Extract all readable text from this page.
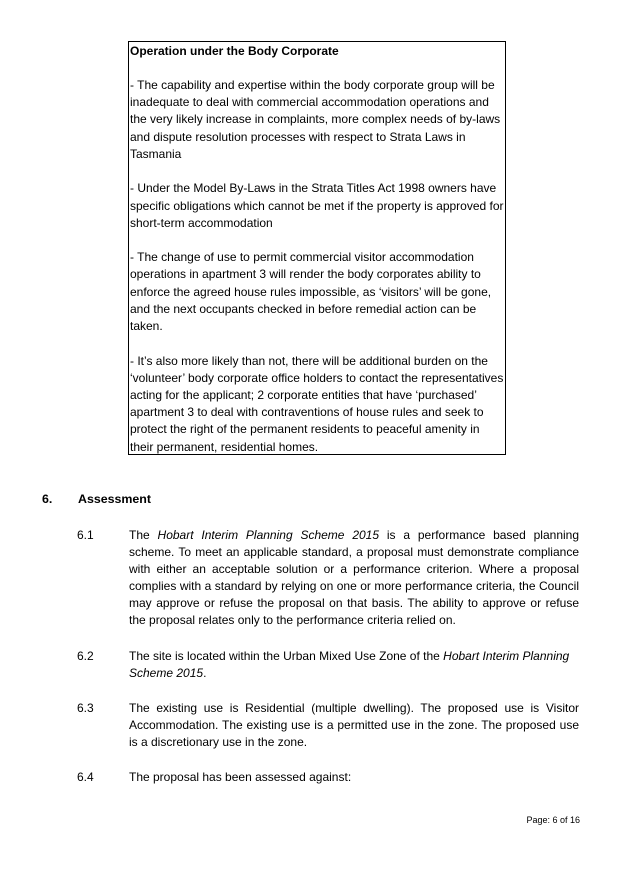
Operation under the Body Corporate
- The capability and expertise within the body corporate group will be inadequate to deal with commercial accommodation operations and the very likely increase in complaints, more complex needs of by-laws and dispute resolution processes with respect to Strata Laws in Tasmania
- Under the Model By-Laws in the Strata Titles Act 1998 owners have specific obligations which cannot be met if the property is approved for short-term accommodation
- The change of use to permit commercial visitor accommodation operations in apartment 3 will render the body corporates ability to enforce the agreed house rules impossible, as ‘visitors’ will be gone, and the next occupants checked in before remedial action can be taken.
- It’s also more likely than not, there will be additional burden on the ‘volunteer’ body corporate office holders to contact the representatives acting for the applicant; 2 corporate entities that have ‘purchased’ apartment 3 to deal with contraventions of house rules and seek to protect the right of the permanent residents to peaceful amenity in their permanent, residential homes.
6. Assessment
6.1	The Hobart Interim Planning Scheme 2015 is a performance based planning scheme. To meet an applicable standard, a proposal must demonstrate compliance with either an acceptable solution or a performance criterion. Where a proposal complies with a standard by relying on one or more performance criteria, the Council may approve or refuse the proposal on that basis. The ability to approve or refuse the proposal relates only to the performance criteria relied on.
6.2	The site is located within the Urban Mixed Use Zone of the Hobart Interim Planning Scheme 2015.
6.3	The existing use is Residential (multiple dwelling). The proposed use is Visitor Accommodation. The existing use is a permitted use in the zone. The proposed use is a discretionary use in the zone.
6.4	The proposal has been assessed against:
Page: 6 of 16
